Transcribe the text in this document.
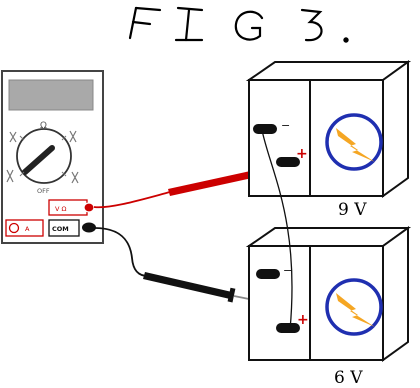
Ω
OFF
V Ω
A	COM
−
+
−
+
9 V
6 V
